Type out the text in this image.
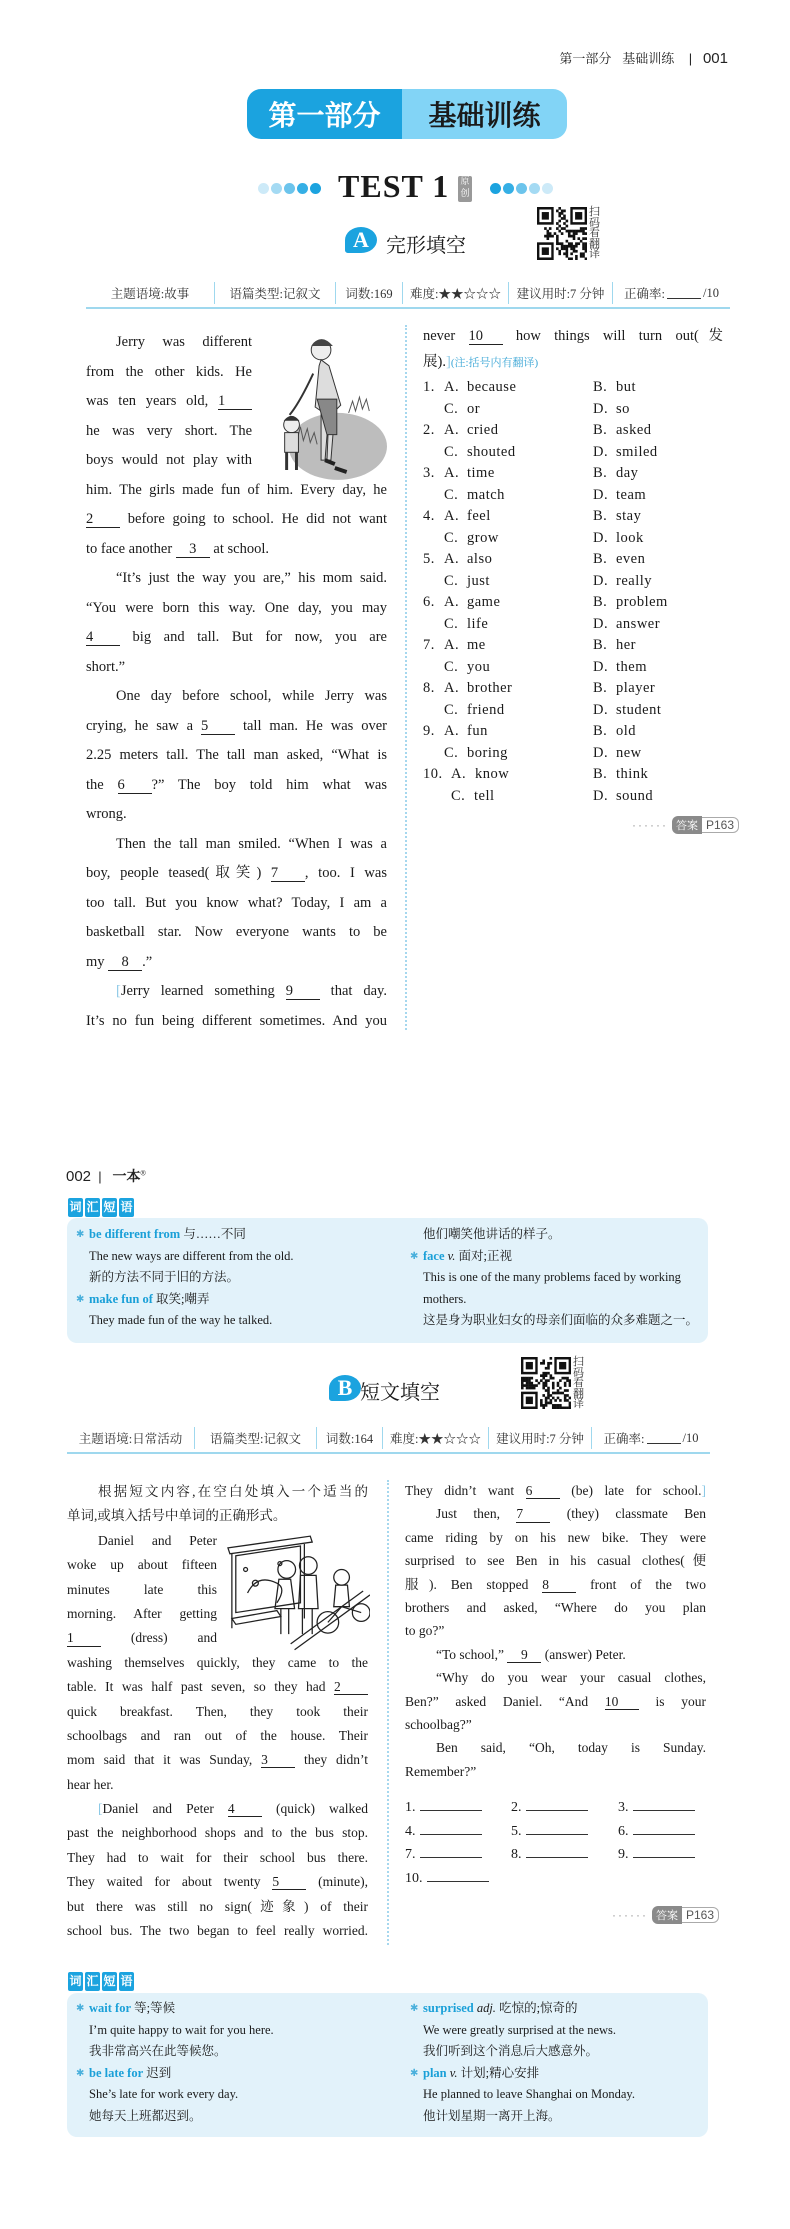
第一部分 基础训练    |   001
第一部分	基础训练
TEST 1 原创
A 完形填空
扫码看翻译
主题语境:故事	语篇类型:记叙文	词数:169	难度:★★☆☆☆	建议用时:7 分钟	正确率:	/10
Jerry was different
from the other kids. He
was ten years old, 1
he was very short. The
boys would not play with
him. The girls made fun of him. Every day, he
2 before going to school. He did not want
to face another 3 at school.
“It’s just the way you are,” his mom said.
“You were born this way. One day, you may
4 big and tall. But for now, you are
short.”
One day before school, while Jerry was
crying, he saw a 5 tall man. He was over
2.25 meters tall. The tall man asked, “What is
the 6 ?” The boy told him what was
wrong.
Then the tall man smiled. “When I was a
boy, people teased(取笑) 7 , too. I was
too tall. But you know what? Today, I am a
basketball star. Now everyone wants to be
my 8 .”
[Jerry learned something 9 that day.
It’s no fun being different sometimes. And you
never 10 how things will turn out(发
展).](注:括号内有翻译)
1. A. because	B. but
C. or	D. so
2. A. cried	B. asked
C. shouted	D. smiled
3. A. time	B. day
C. match	D. team
4. A. feel	B. stay
C. grow	D. look
5. A. also	B. even
C. just	D. really
6. A. game	B. problem
C. life	D. answer
7. A. me	B. her
C. you	D. them
8. A. brother	B. player
C. friend	D. student
9. A. fun	B. old
C. boring	D. new
10. A. know	B. think
C. tell	D. sound
······ 答案 P163
002  |   一本®
词 汇 短 语
✱ be different from 与……不同
The new ways are different from the old.
新的方法不同于旧的方法。
✱ make fun of 取笑;嘲弄
They made fun of the way he talked.
他们嘲笑他讲话的样子。
✱ face v. 面对;正视
This is one of the many problems faced by working
mothers.
这是身为职业妇女的母亲们面临的众多难题之一。
B 短文填空
扫码看翻译
主题语境:日常活动	语篇类型:记叙文	词数:164	难度:★★☆☆☆	建议用时:7 分钟	正确率:	/10
根据短文内容,在空白处填入一个适当的
单词,或填入括号中单词的正确形式。
Daniel and Peter
woke up about fifteen
minutes late this
morning. After getting
1 (dress) and
washing themselves quickly, they came to the
table. It was half past seven, so they had 2
quick breakfast. Then, they took their
schoolbags and ran out of the house. Their
mom said that it was Sunday, 3 they didn’t
hear her.
[Daniel and Peter 4 (quick) walked
past the neighborhood shops and to the bus stop.
They had to wait for their school bus there.
They waited for about twenty 5 (minute),
but there was still no sign(迹象) of their
school bus. The two began to feel really worried.
They didn’t want 6 (be) late for school.]
Just then, 7 (they) classmate Ben
came riding by on his new bike. They were
surprised to see Ben in his casual clothes(便
服). Ben stopped 8 front of the two
brothers and asked, “Where do you plan
to go?”
“To school,” 9 (answer) Peter.
“Why do you wear your casual clothes,
Ben?” asked Daniel. “And 10 is your
schoolbag?”
Ben said, “Oh, today is Sunday.
Remember?”
1.	2.	3.
4.	5.	6.
7.	8.	9.
10.
······ 答案 P163
词 汇 短 语
✱ wait for 等;等候
I’m quite happy to wait for you here.
我非常高兴在此等候您。
✱ be late for 迟到
She’s late for work every day.
她每天上班都迟到。
✱ surprised adj. 吃惊的;惊奇的
We were greatly surprised at the news.
我们听到这个消息后大感意外。
✱ plan v. 计划;精心安排
He planned to leave Shanghai on Monday.
他计划星期一离开上海。
